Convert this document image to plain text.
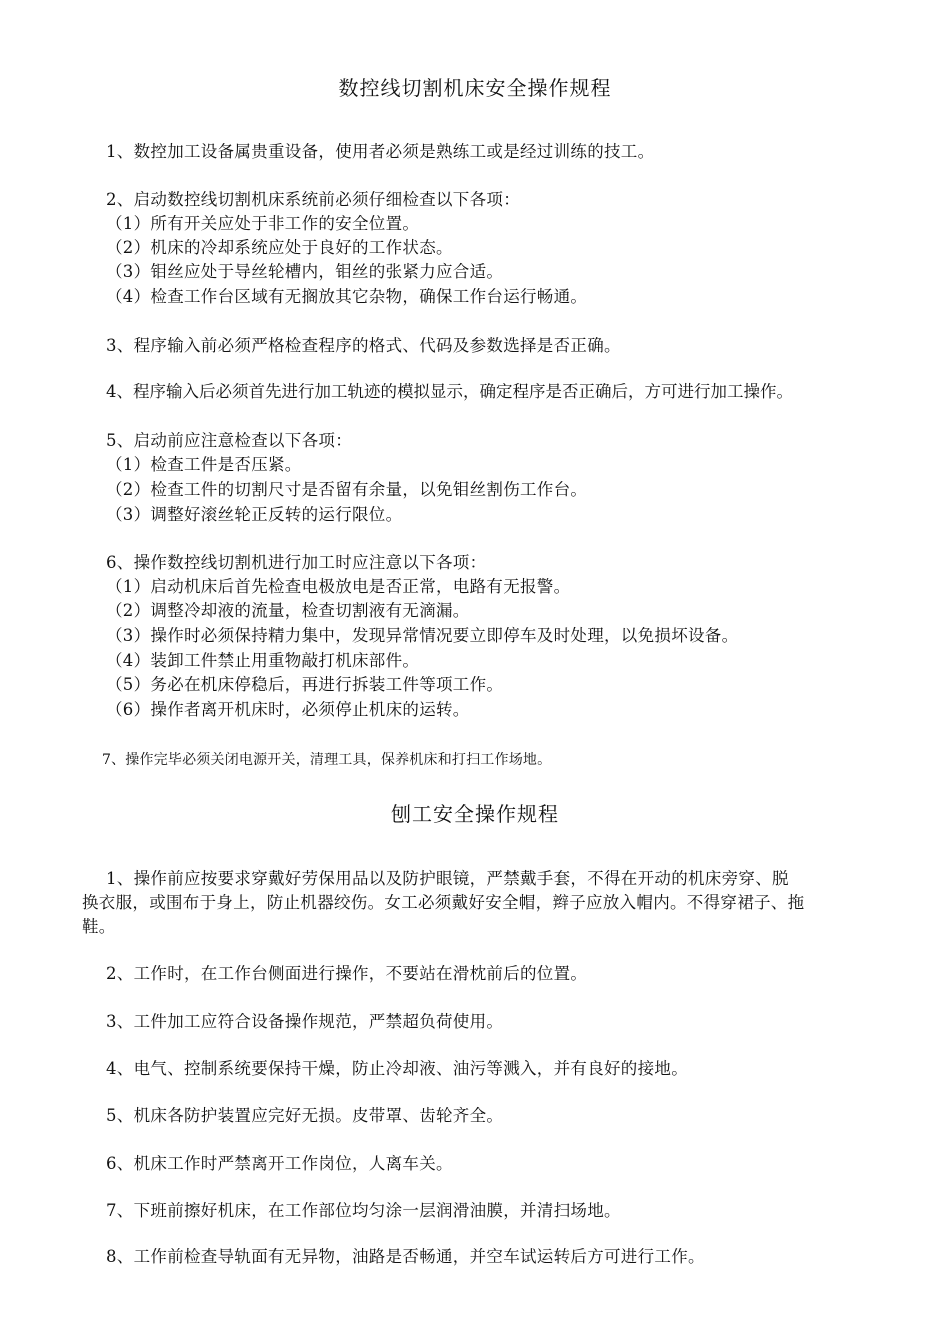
数控线切割机床安全操作规程
1、数控加工设备属贵重设备，使用者必须是熟练工或是经过训练的技工。
2、启动数控线切割机床系统前必须仔细检查以下各项：
（1）所有开关应处于非工作的安全位置。
（2）机床的冷却系统应处于良好的工作状态。
（3）钼丝应处于导丝轮槽内，钼丝的张紧力应合适。
（4）检查工作台区域有无搁放其它杂物，确保工作台运行畅通。
3、程序输入前必须严格检查程序的格式、代码及参数选择是否正确。
4、程序输入后必须首先进行加工轨迹的模拟显示，确定程序是否正确后，方可进行加工操作。
5、启动前应注意检查以下各项：
（1）检查工件是否压紧。
（2）检查工件的切割尺寸是否留有余量，以免钼丝割伤工作台。
（3）调整好滚丝轮正反转的运行限位。
6、操作数控线切割机进行加工时应注意以下各项：
（1）启动机床后首先检查电极放电是否正常，电路有无报警。
（2）调整冷却液的流量，检查切割液有无滴漏。
（3）操作时必须保持精力集中，发现异常情况要立即停车及时处理，以免损坏设备。
（4）装卸工件禁止用重物敲打机床部件。
（5）务必在机床停稳后，再进行拆装工件等项工作。
（6）操作者离开机床时，必须停止机床的运转。
7、操作完毕必须关闭电源开关，清理工具，保养机床和打扫工作场地。
刨工安全操作规程
1、操作前应按要求穿戴好劳保用品以及防护眼镜，严禁戴手套，不得在开动的机床旁穿、脱
换衣服，或围布于身上，防止机器绞伤。女工必须戴好安全帽，辫子应放入帽内。不得穿裙子、拖
鞋。
2、工作时，在工作台侧面进行操作，不要站在滑枕前后的位置。
3、工件加工应符合设备操作规范，严禁超负荷使用。
4、电气、控制系统要保持干燥，防止冷却液、油污等溅入，并有良好的接地。
5、机床各防护装置应完好无损。皮带罩、齿轮齐全。
6、机床工作时严禁离开工作岗位，人离车关。
7、下班前擦好机床，在工作部位均匀涂一层润滑油膜，并清扫场地。
8、工作前检查导轨面有无异物，油路是否畅通，并空车试运转后方可进行工作。
